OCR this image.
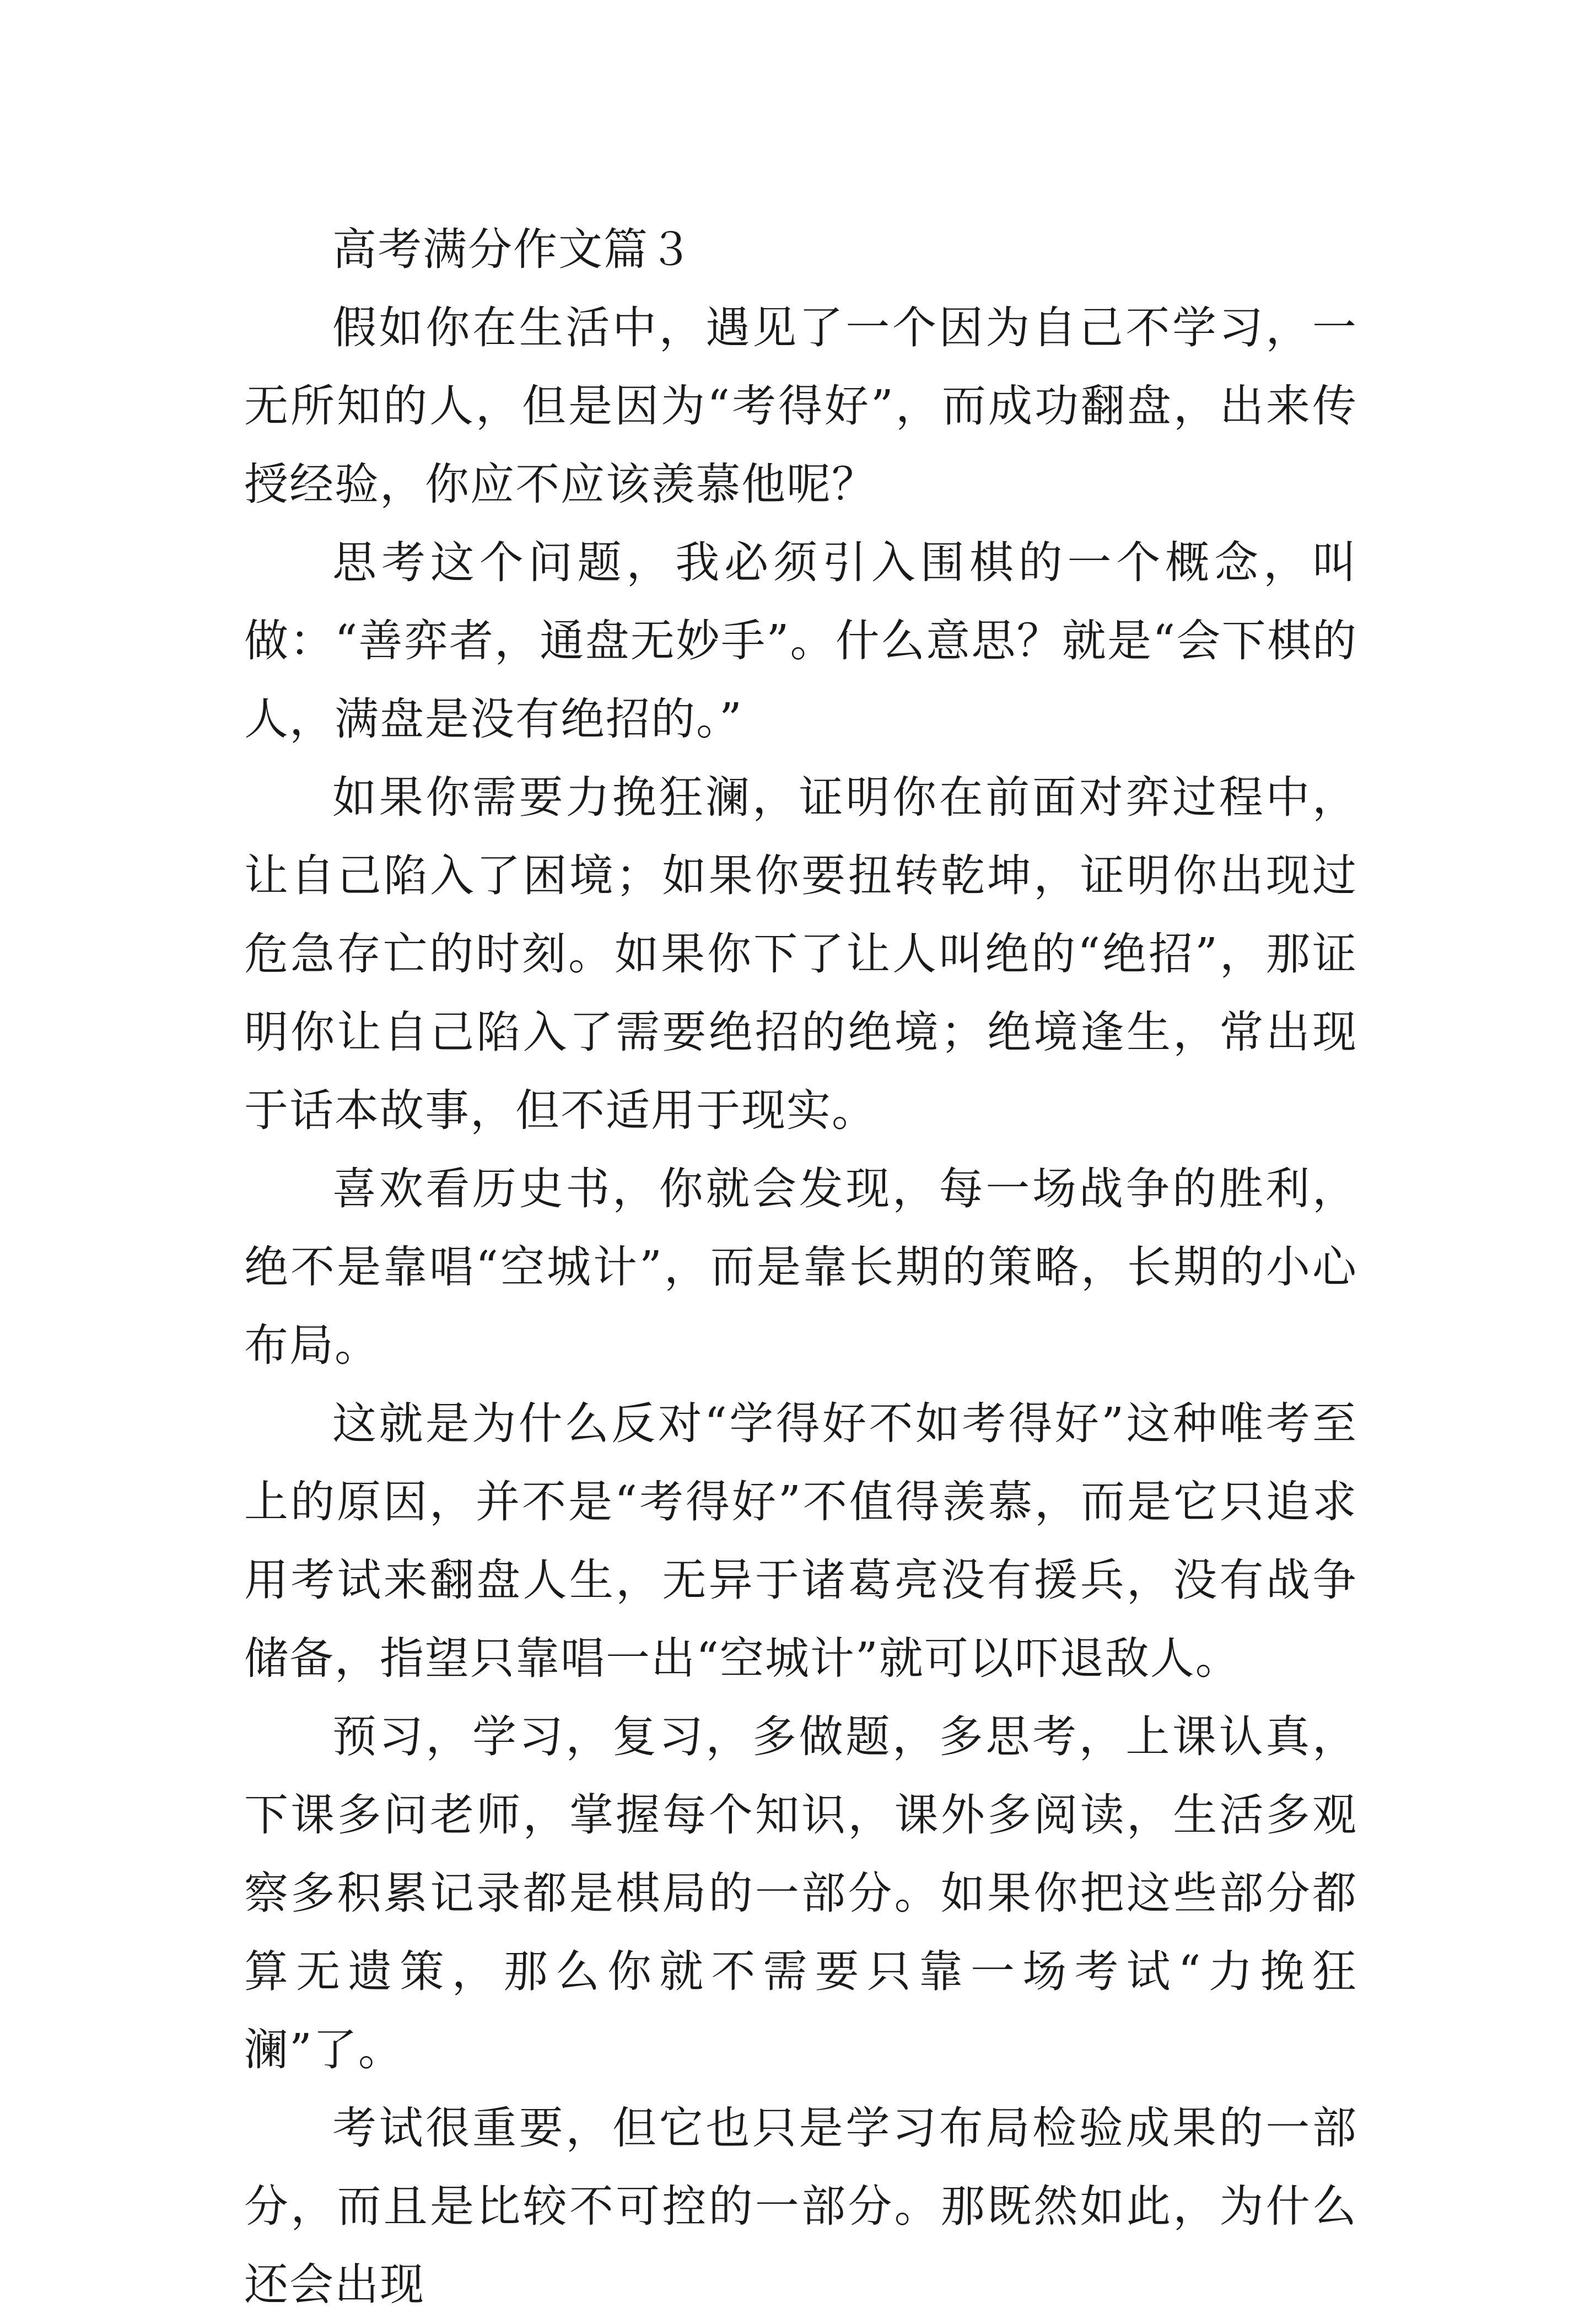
高考满分作文篇３

假如你在生活中，遇见了一个因为自己不学习，一无所知的人，但是因为“考得好”，而成功翻盘，出来传授经验，你应不应该羡慕他呢？

思考这个问题，我必须引入围棋的一个概念，叫做：“善弈者，通盘无妙手”。什么意思？就是“会下棋的人，满盘是没有绝招的。”

如果你需要力挽狂澜，证明你在前面对弈过程中，让自己陷入了困境；如果你要扭转乾坤，证明你出现过危急存亡的时刻。如果你下了让人叫绝的“绝招”，那证明你让自己陷入了需要绝招的绝境；绝境逢生，常出现于话本故事，但不适用于现实。

喜欢看历史书，你就会发现，每一场战争的胜利，绝不是靠唱“空城计”，而是靠长期的策略，长期的小心布局。

这就是为什么反对“学得好不如考得好”这种唯考至上的原因，并不是“考得好”不值得羡慕，而是它只追求用考试来翻盘人生，无异于诸葛亮没有援兵，没有战争储备，指望只靠唱一出“空城计”就可以吓退敌人。

预习，学习，复习，多做题，多思考，上课认真，下课多问老师，掌握每个知识，课外多阅读，生活多观察多积累记录都是棋局的一部分。如果你把这些部分都算无遗策，那么你就不需要只靠一场考试“力挽狂澜”了。

考试很重要，但它也只是学习布局检验成果的一部分，而且是比较不可控的一部分。那既然如此，为什么还会出现
